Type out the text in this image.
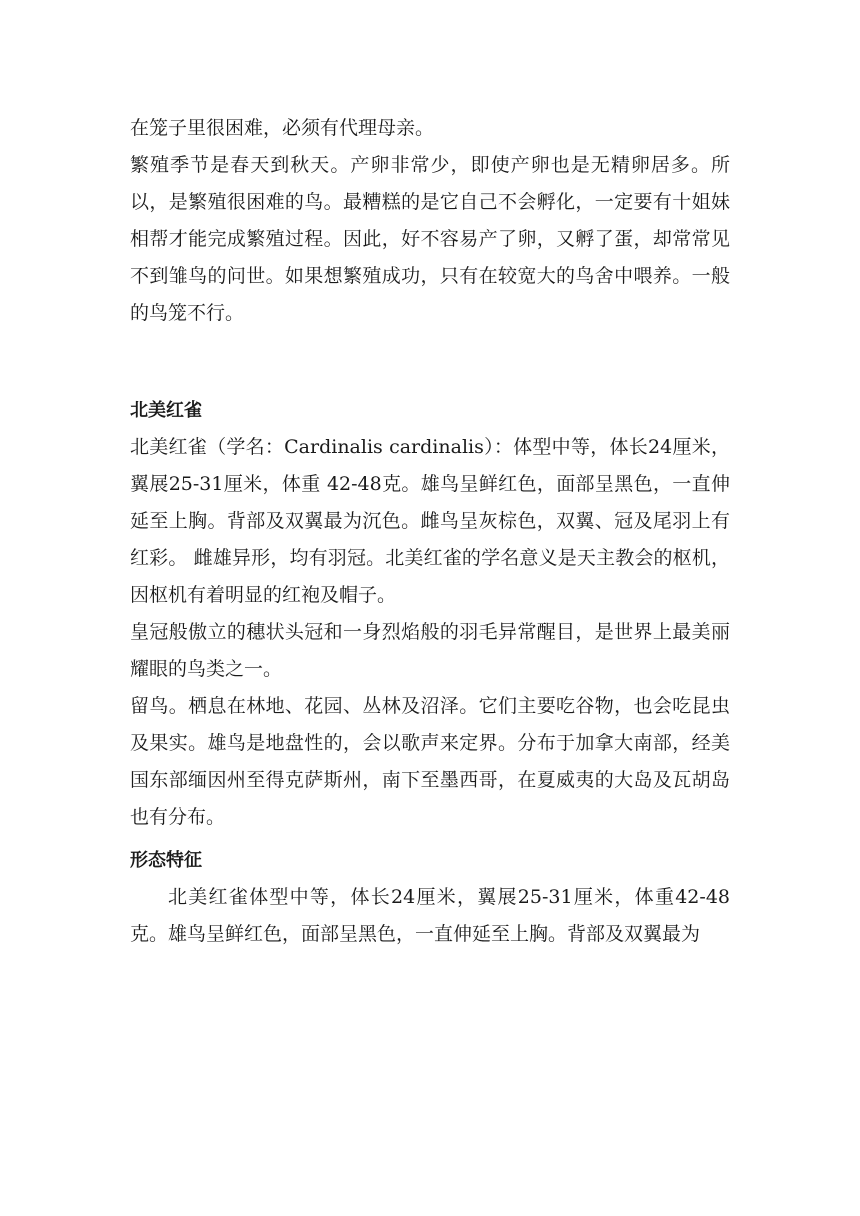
在笼子里很困难，必须有代理母亲。

繁殖季节是春天到秋天。产卵非常少，即使产卵也是无精卵居多。所以，是繁殖很困难的鸟。最糟糕的是它自己不会孵化，一定要有十姐妹相帮才能完成繁殖过程。因此，好不容易产了卵，又孵了蛋，却常常见不到雏鸟的问世。如果想繁殖成功，只有在较宽大的鸟舍中喂养。一般的鸟笼不行。

北美红雀

北美红雀（学名：Cardinalis cardinalis）：体型中等，体长24厘米，翼展25-31厘米，体重 42-48克。雄鸟呈鲜红色，面部呈黑色，一直伸延至上胸。背部及双翼最为沉色。雌鸟呈灰棕色，双翼、冠及尾羽上有红彩。 雌雄异形，均有羽冠。北美红雀的学名意义是天主教会的枢机，因枢机有着明显的红袍及帽子。

皇冠般傲立的穗状头冠和一身烈焰般的羽毛异常醒目，是世界上最美丽耀眼的鸟类之一。

留鸟。栖息在林地、花园、丛林及沼泽。它们主要吃谷物，也会吃昆虫及果实。雄鸟是地盘性的，会以歌声来定界。分布于加拿大南部，经美国东部缅因州至得克萨斯州，南下至墨西哥，在夏威夷的大岛及瓦胡岛也有分布。

形态特征

北美红雀体型中等，体长24厘米，翼展25-31厘米，体重42-48克。雄鸟呈鲜红色，面部呈黑色，一直伸延至上胸。背部及双翼最为
